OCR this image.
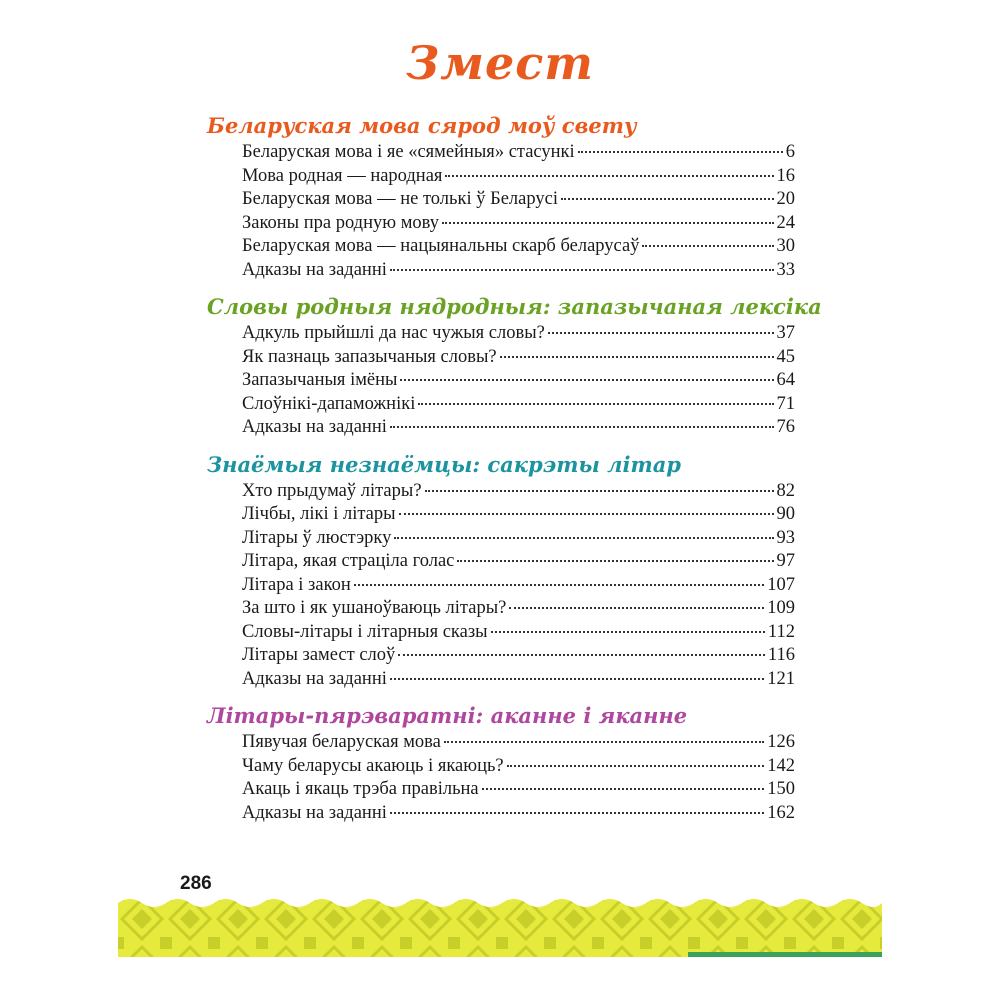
Змест
Беларуская мова сярод моў свету
Беларуская мова і яе «сямейныя» стасункі	6
Мова родная — народная	16
Беларуская мова — не толькі ў Беларусі	20
Законы пра родную мову	24
Беларуская мова — нацыянальны скарб беларусаў	30
Адказы на заданні	33
Словы родныя нядродныя: запазычаная лексіка
Адкуль прыйшлі да нас чужыя словы?	37
Як пазнаць запазычаныя словы?	45
Запазычаныя імёны	64
Слоўнікі-дапаможнікі	71
Адказы на заданні	76
Знаёмыя незнаёмцы: сакрэты літар
Хто прыдумаў літары?	82
Лічбы, лікі і літары	90
Літары ў люстэрку	93
Літара, якая страціла голас	97
Літара і закон	107
За што і як ушаноўваюць літары?	109
Словы-літары і літарныя сказы	112
Літары замест слоў	116
Адказы на заданні	121
Літары-пярэваратні: аканне і яканне
Пявучая беларуская мова	126
Чаму беларусы акаюць і якаюць?	142
Акаць і якаць трэба правільна	150
Адказы на заданні	162
286
